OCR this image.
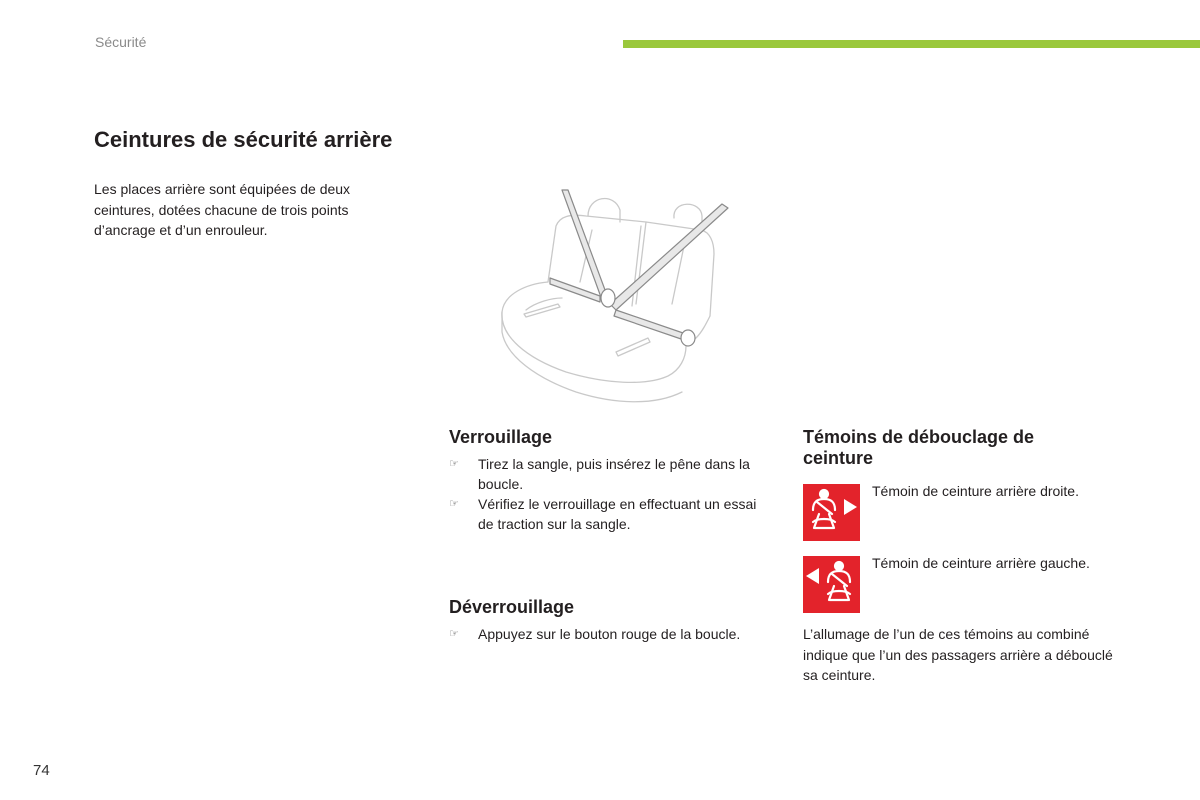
Sécurité
Ceintures de sécurité arrière
Les places arrière sont équipées de deux ceintures, dotées chacune de trois points d’ancrage et d’un enrouleur.
Verrouillage
☞ Tirez la sangle, puis insérez le pêne dans la boucle.
☞ Vérifiez le verrouillage en effectuant un essai de traction sur la sangle.
Déverrouillage
☞ Appuyez sur le bouton rouge de la boucle.
Témoins de débouclage de ceinture
Témoin de ceinture arrière droite.
Témoin de ceinture arrière gauche.
L’allumage de l’un de ces témoins au combiné indique que l’un des passagers arrière a débouclé sa ceinture.
74
